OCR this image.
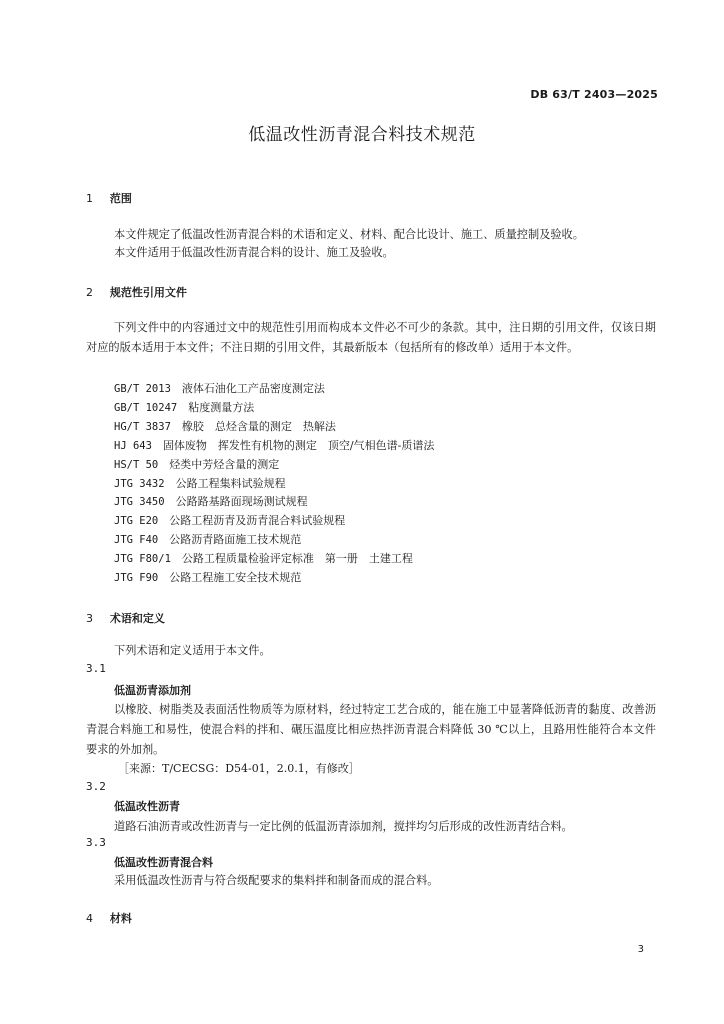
DB 63/T 2403—2025
低温改性沥青混合料技术规范
1 范围
本文件规定了低温改性沥青混合料的术语和定义、材料、配合比设计、施工、质量控制及验收。
本文件适用于低温改性沥青混合料的设计、施工及验收。
2 规范性引用文件
下列文件中的内容通过文中的规范性引用而构成本文件必不可少的条款。其中，注日期的引用文件，仅该日期对应的版本适用于本文件；不注日期的引用文件，其最新版本（包括所有的修改单）适用于本文件。
GB/T 2013　 液体石油化工产品密度测定法
GB/T 10247　 粘度测量方法
HG/T 3837　 橡胶　总烃含量的测定　热解法
HJ 643　 固体废物　挥发性有机物的测定　顶空/气相色谱-质谱法
HS/T 50　 烃类中芳烃含量的测定
JTG 3432　 公路工程集料试验规程
JTG 3450　 公路路基路面现场测试规程
JTG E20　 公路工程沥青及沥青混合料试验规程
JTG F40　 公路沥青路面施工技术规范
JTG F80/1　 公路工程质量检验评定标准　第一册　土建工程
JTG F90　 公路工程施工安全技术规范
3 术语和定义
下列术语和定义适用于本文件。
3.1
低温沥青添加剂
以橡胶、树脂类及表面活性物质等为原材料，经过特定工艺合成的，能在施工中显著降低沥青的黏度、改善沥青混合料施工和易性，使混合料的拌和、碾压温度比相应热拌沥青混合料降低 30 ℃以上，且路用性能符合本文件要求的外加剂。
［来源：T/CECSG：D54-01，2.0.1，有修改］
3.2
低温改性沥青
道路石油沥青或改性沥青与一定比例的低温沥青添加剂，搅拌均匀后形成的改性沥青结合料。
3.3
低温改性沥青混合料
采用低温改性沥青与符合级配要求的集料拌和制备而成的混合料。
4 材料
3
